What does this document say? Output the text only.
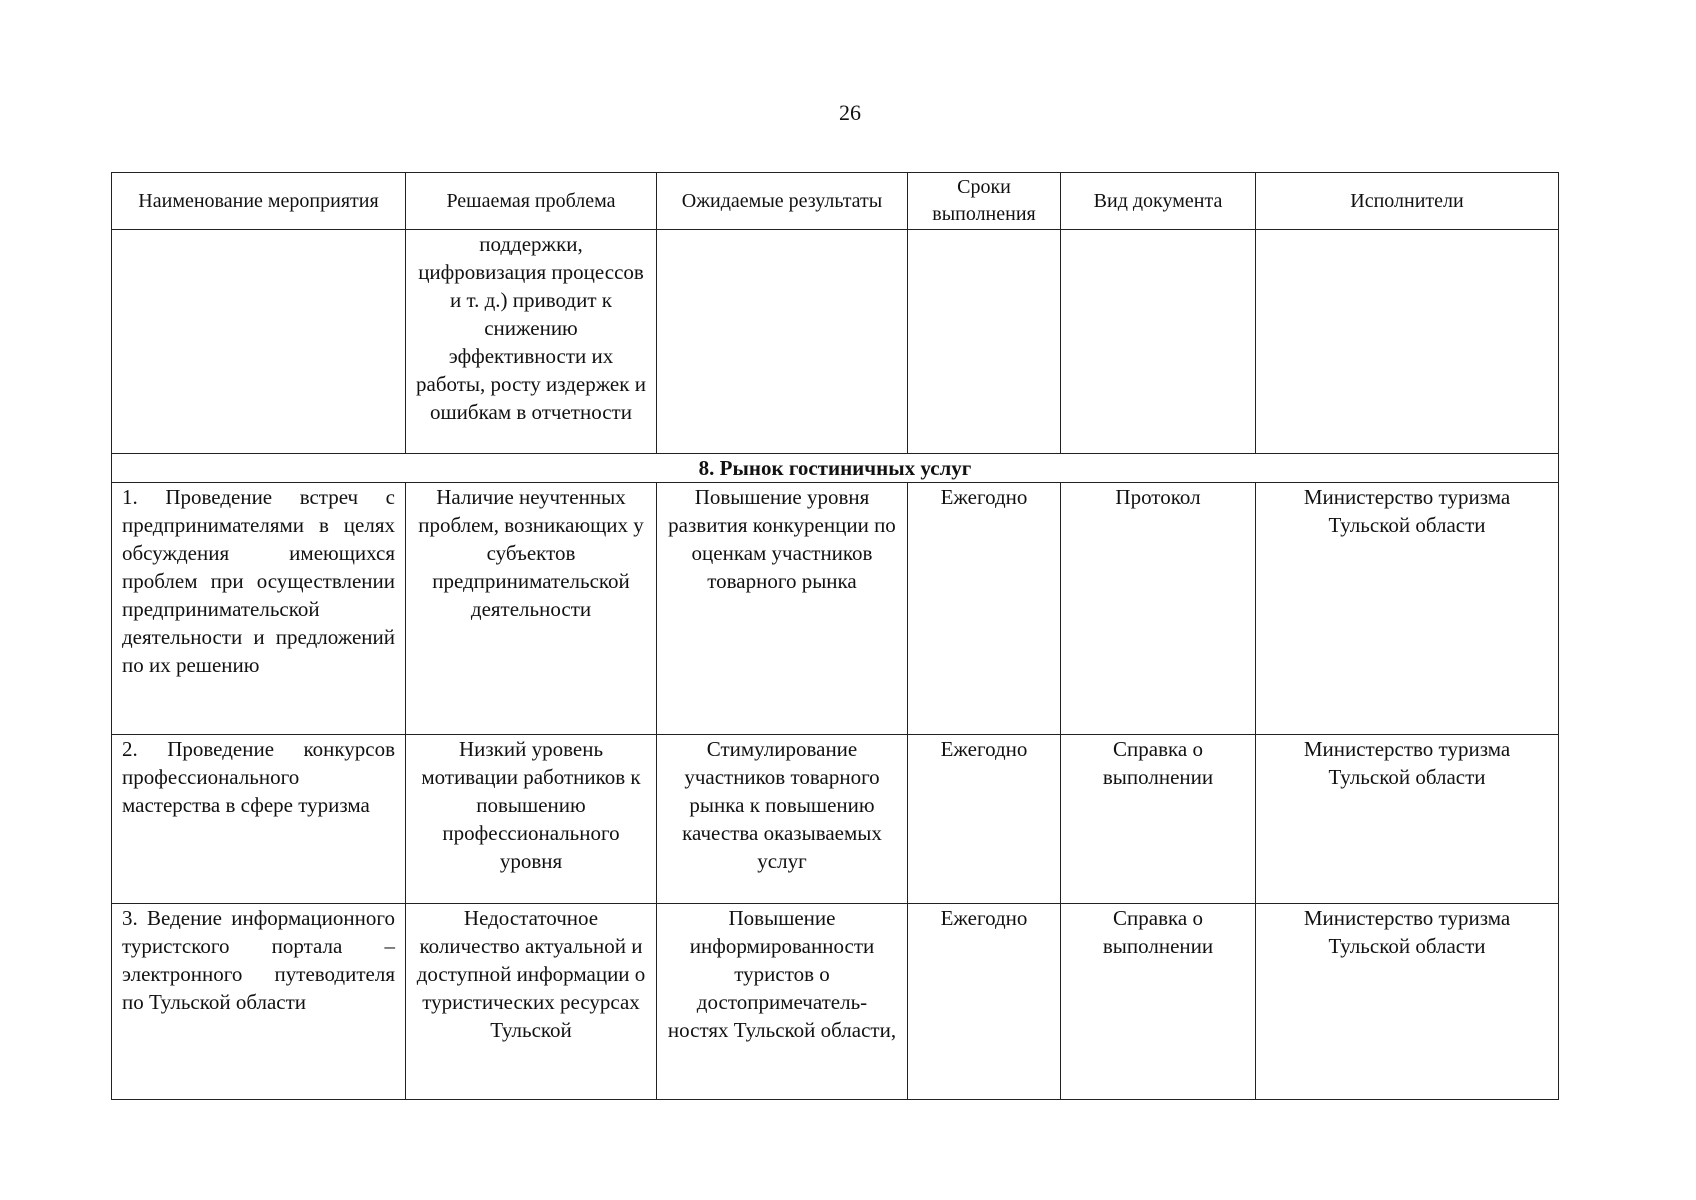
26
Наименование мероприятия	Решаемая проблема	Ожидаемые результаты	Сроки выполнения	Вид документа	Исполнители
	поддержки, цифровизация процессов и т. д.) приводит к снижению эффективности их работы, росту издержек и ошибкам в отчетности				
8. Рынок гостиничных услуг					
1. Проведение встреч с предпринимателями в целях обсуждения имеющихся проблем при осуществлении предпринимательской деятельности и предложений по их решению	Наличие неучтенных проблем, возникающих у субъектов предпринимательской деятельности	Повышение уровня развития конкуренции по оценкам участников товарного рынка	Ежегодно	Протокол	Министерство туризма Тульской области
2. Проведение конкурсов профессионального мастерства в сфере туризма	Низкий уровень мотивации работников к повышению профессионального уровня	Стимулирование участников товарного рынка к повышению качества оказываемых услуг	Ежегодно	Справка о выполнении	Министерство туризма Тульской области
3. Ведение информационного туристского портала – электронного путеводителя по Тульской области	Недостаточное количество актуальной и доступной информации о туристических ресурсах Тульской	Повышение информированности туристов о достопримечатель-ностях Тульской области,	Ежегодно	Справка о выполнении	Министерство туризма Тульской области
